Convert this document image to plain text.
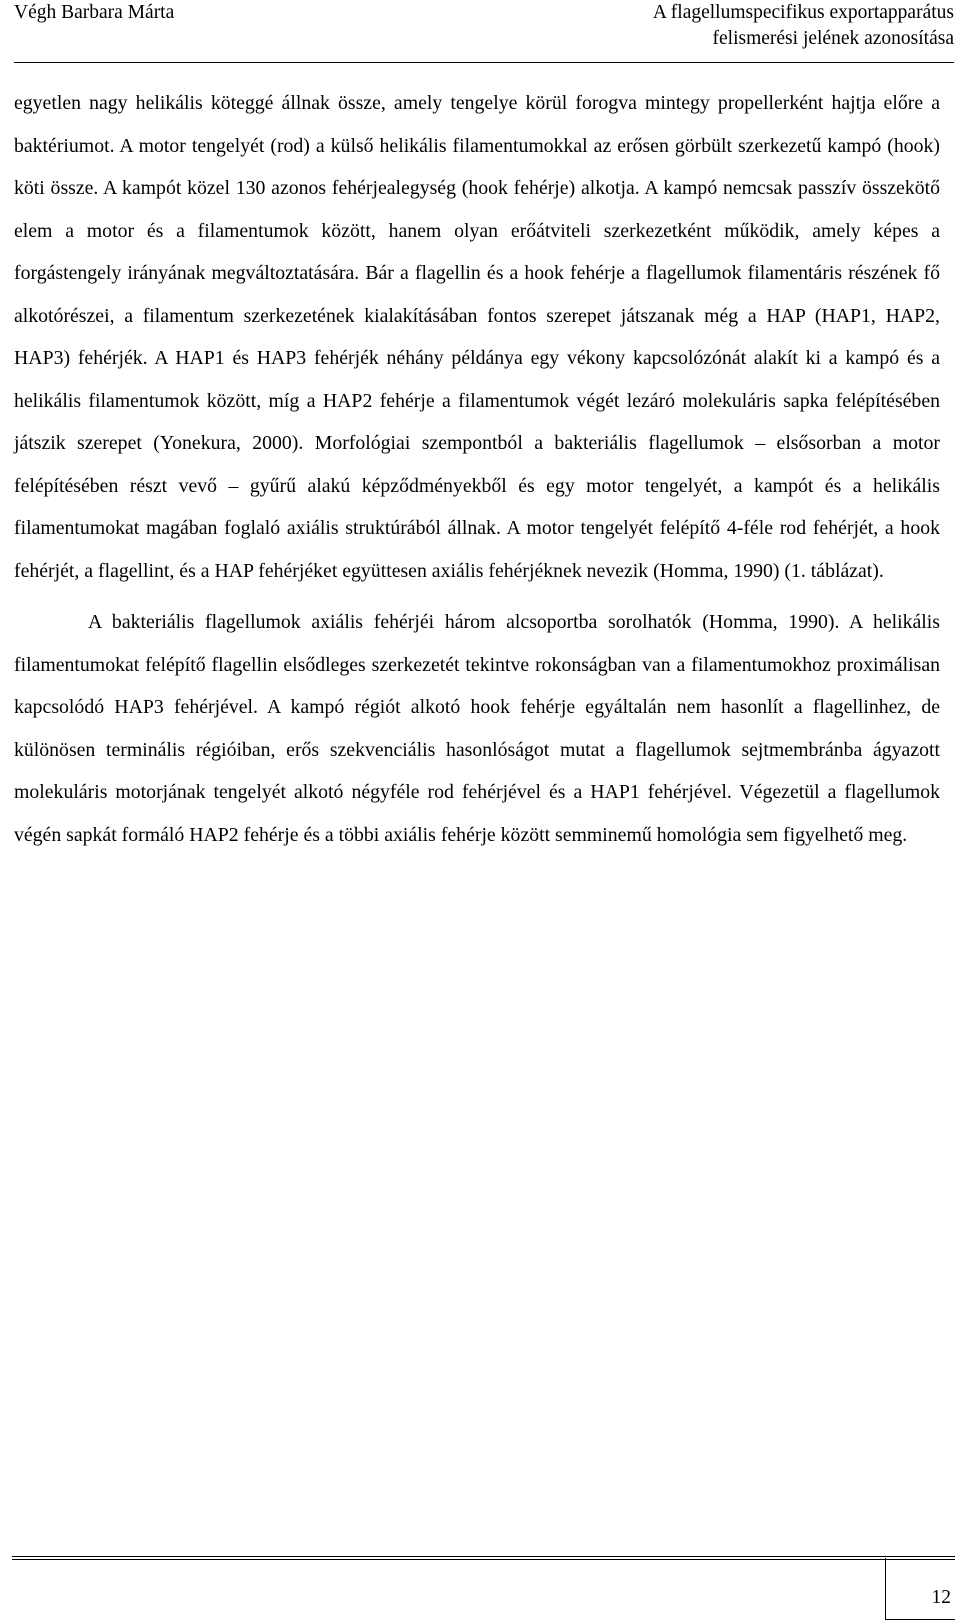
Végh Barbara Márta	A flagellumspecifikus exportapparátus
felismerési jelének azonosítása

egyetlen nagy helikális köteggé állnak össze, amely tengelye körül forogva mintegy propellerként hajtja előre a baktériumot. A motor tengelyét (rod) a külső helikális filamentumokkal az erősen görbült szerkezetű kampó (hook) köti össze. A kampót közel 130 azonos fehérjealegység (hook fehérje) alkotja. A kampó nemcsak passzív összekötő elem a motor és a filamentumok között, hanem olyan erőátviteli szerkezetként működik, amely képes a forgástengely irányának megváltoztatására. Bár a flagellin és a hook fehérje a flagellumok filamentáris részének fő alkotórészei, a filamentum szerkezetének kialakításában fontos szerepet játszanak még a HAP (HAP1, HAP2, HAP3) fehérjék. A HAP1 és HAP3 fehérjék néhány példánya egy vékony kapcsolózónát alakít ki a kampó és a helikális filamentumok között, míg a HAP2 fehérje a filamentumok végét lezáró molekuláris sapka felépítésében játszik szerepet (Yonekura, 2000). Morfológiai szempontból a bakteriális flagellumok – elsősorban a motor felépítésében részt vevő – gyűrű alakú képződményekből és egy motor tengelyét, a kampót és a helikális filamentumokat magában foglaló axiális struktúrából állnak. A motor tengelyét felépítő 4-féle rod fehérjét, a hook fehérjét, a flagellint, és a HAP fehérjéket együttesen axiális fehérjéknek nevezik (Homma, 1990) (1. táblázat).

A bakteriális flagellumok axiális fehérjéi három alcsoportba sorolhatók (Homma, 1990). A helikális filamentumokat felépítő flagellin elsődleges szerkezetét tekintve rokonságban van a filamentumokhoz proximálisan kapcsolódó HAP3 fehérjével. A kampó régiót alkotó hook fehérje egyáltalán nem hasonlít a flagellinhez, de különösen terminális régióiban, erős szekvenciális hasonlóságot mutat a flagellumok sejtmembránba ágyazott molekuláris motorjának tengelyét alkotó négyféle rod fehérjével és a HAP1 fehérjével. Végezetül a flagellumok végén sapkát formáló HAP2 fehérje és a többi axiális fehérje között semminemű homológia sem figyelhető meg.

12
